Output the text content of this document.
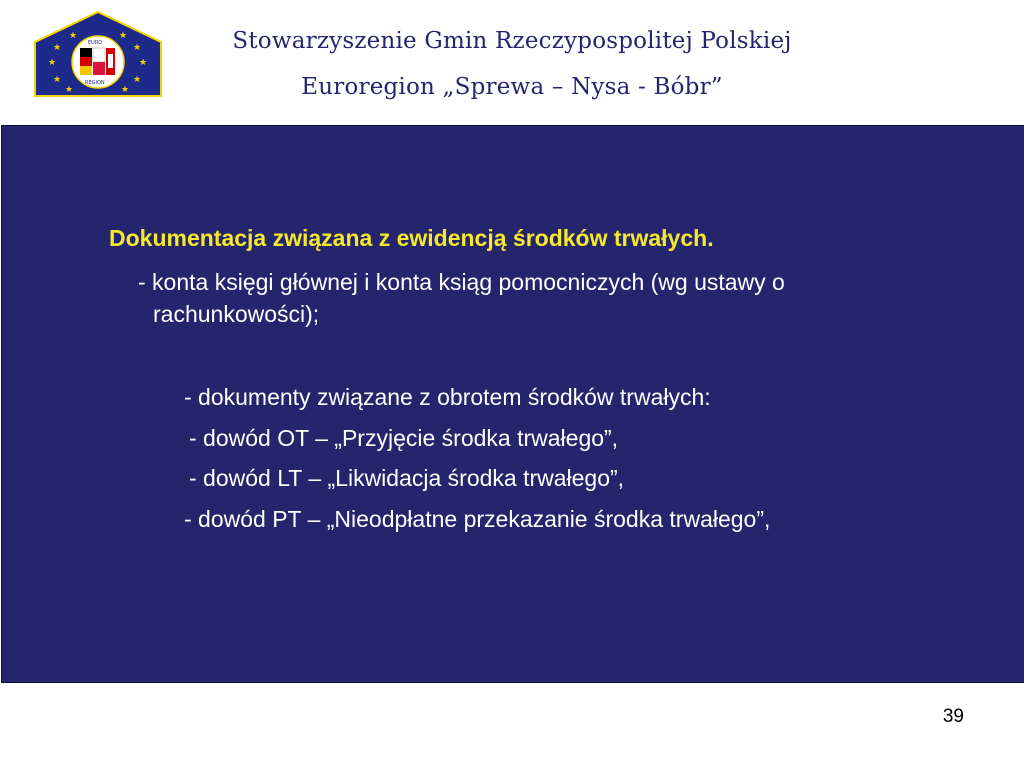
★
★
★
★
★
★
★
★
★	★
EURO
REGION
Stowarzyszenie Gmin Rzeczypospolitej Polskiej
Euroregion „Sprewa – Nysa - Bóbr”
Dokumentacja związana z ewidencją środków trwałych.
- konta księgi głównej i konta ksiąg pomocniczych (wg ustawy o
rachunkowości);
- dokumenty związane z obrotem środków trwałych:
- dowód OT – „Przyjęcie środka trwałego”,
- dowód LT – „Likwidacja środka trwałego”,
- dowód PT – „Nieodpłatne przekazanie środka trwałego”,
39
